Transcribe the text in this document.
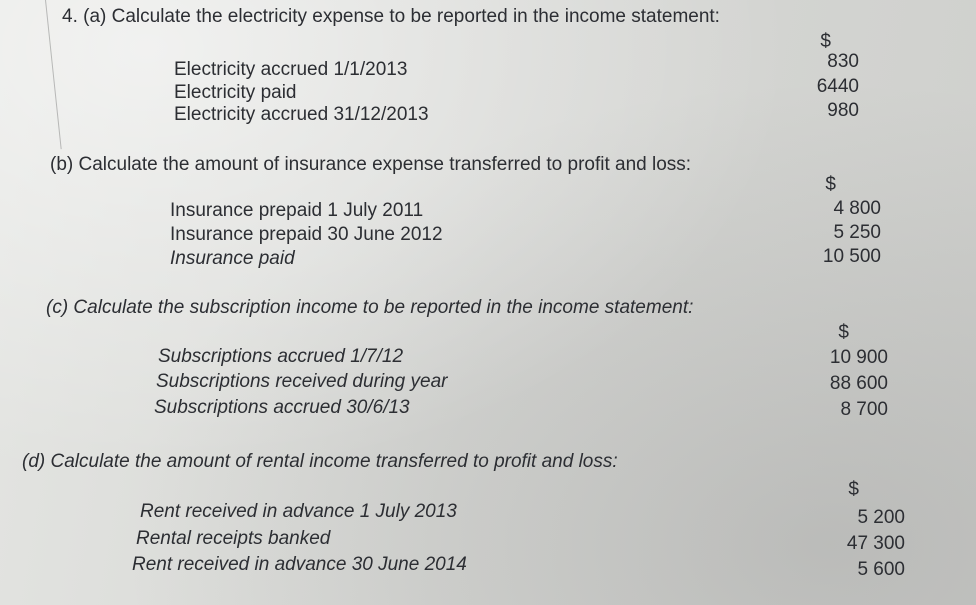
4. (a) Calculate the electricity expense to be reported in the income statement:
$
Electricity accrued 1/1/2013	830
Electricity paid	6440
Electricity accrued 31/12/2013	980
(b) Calculate the amount of insurance expense transferred to profit and loss:
$
Insurance prepaid 1 July 2011	4 800
Insurance prepaid 30 June 2012	5 250
Insurance paid	10 500
(c) Calculate the subscription income to be reported in the income statement:
$
Subscriptions accrued 1/7/12	10 900
Subscriptions received during year	88 600
Subscriptions accrued 30/6/13	8 700
(d) Calculate the amount of rental income transferred to profit and loss:
$
Rent received in advance 1 July 2013	5 200
Rental receipts banked	47 300
Rent received in advance 30 June 2014	5 600
